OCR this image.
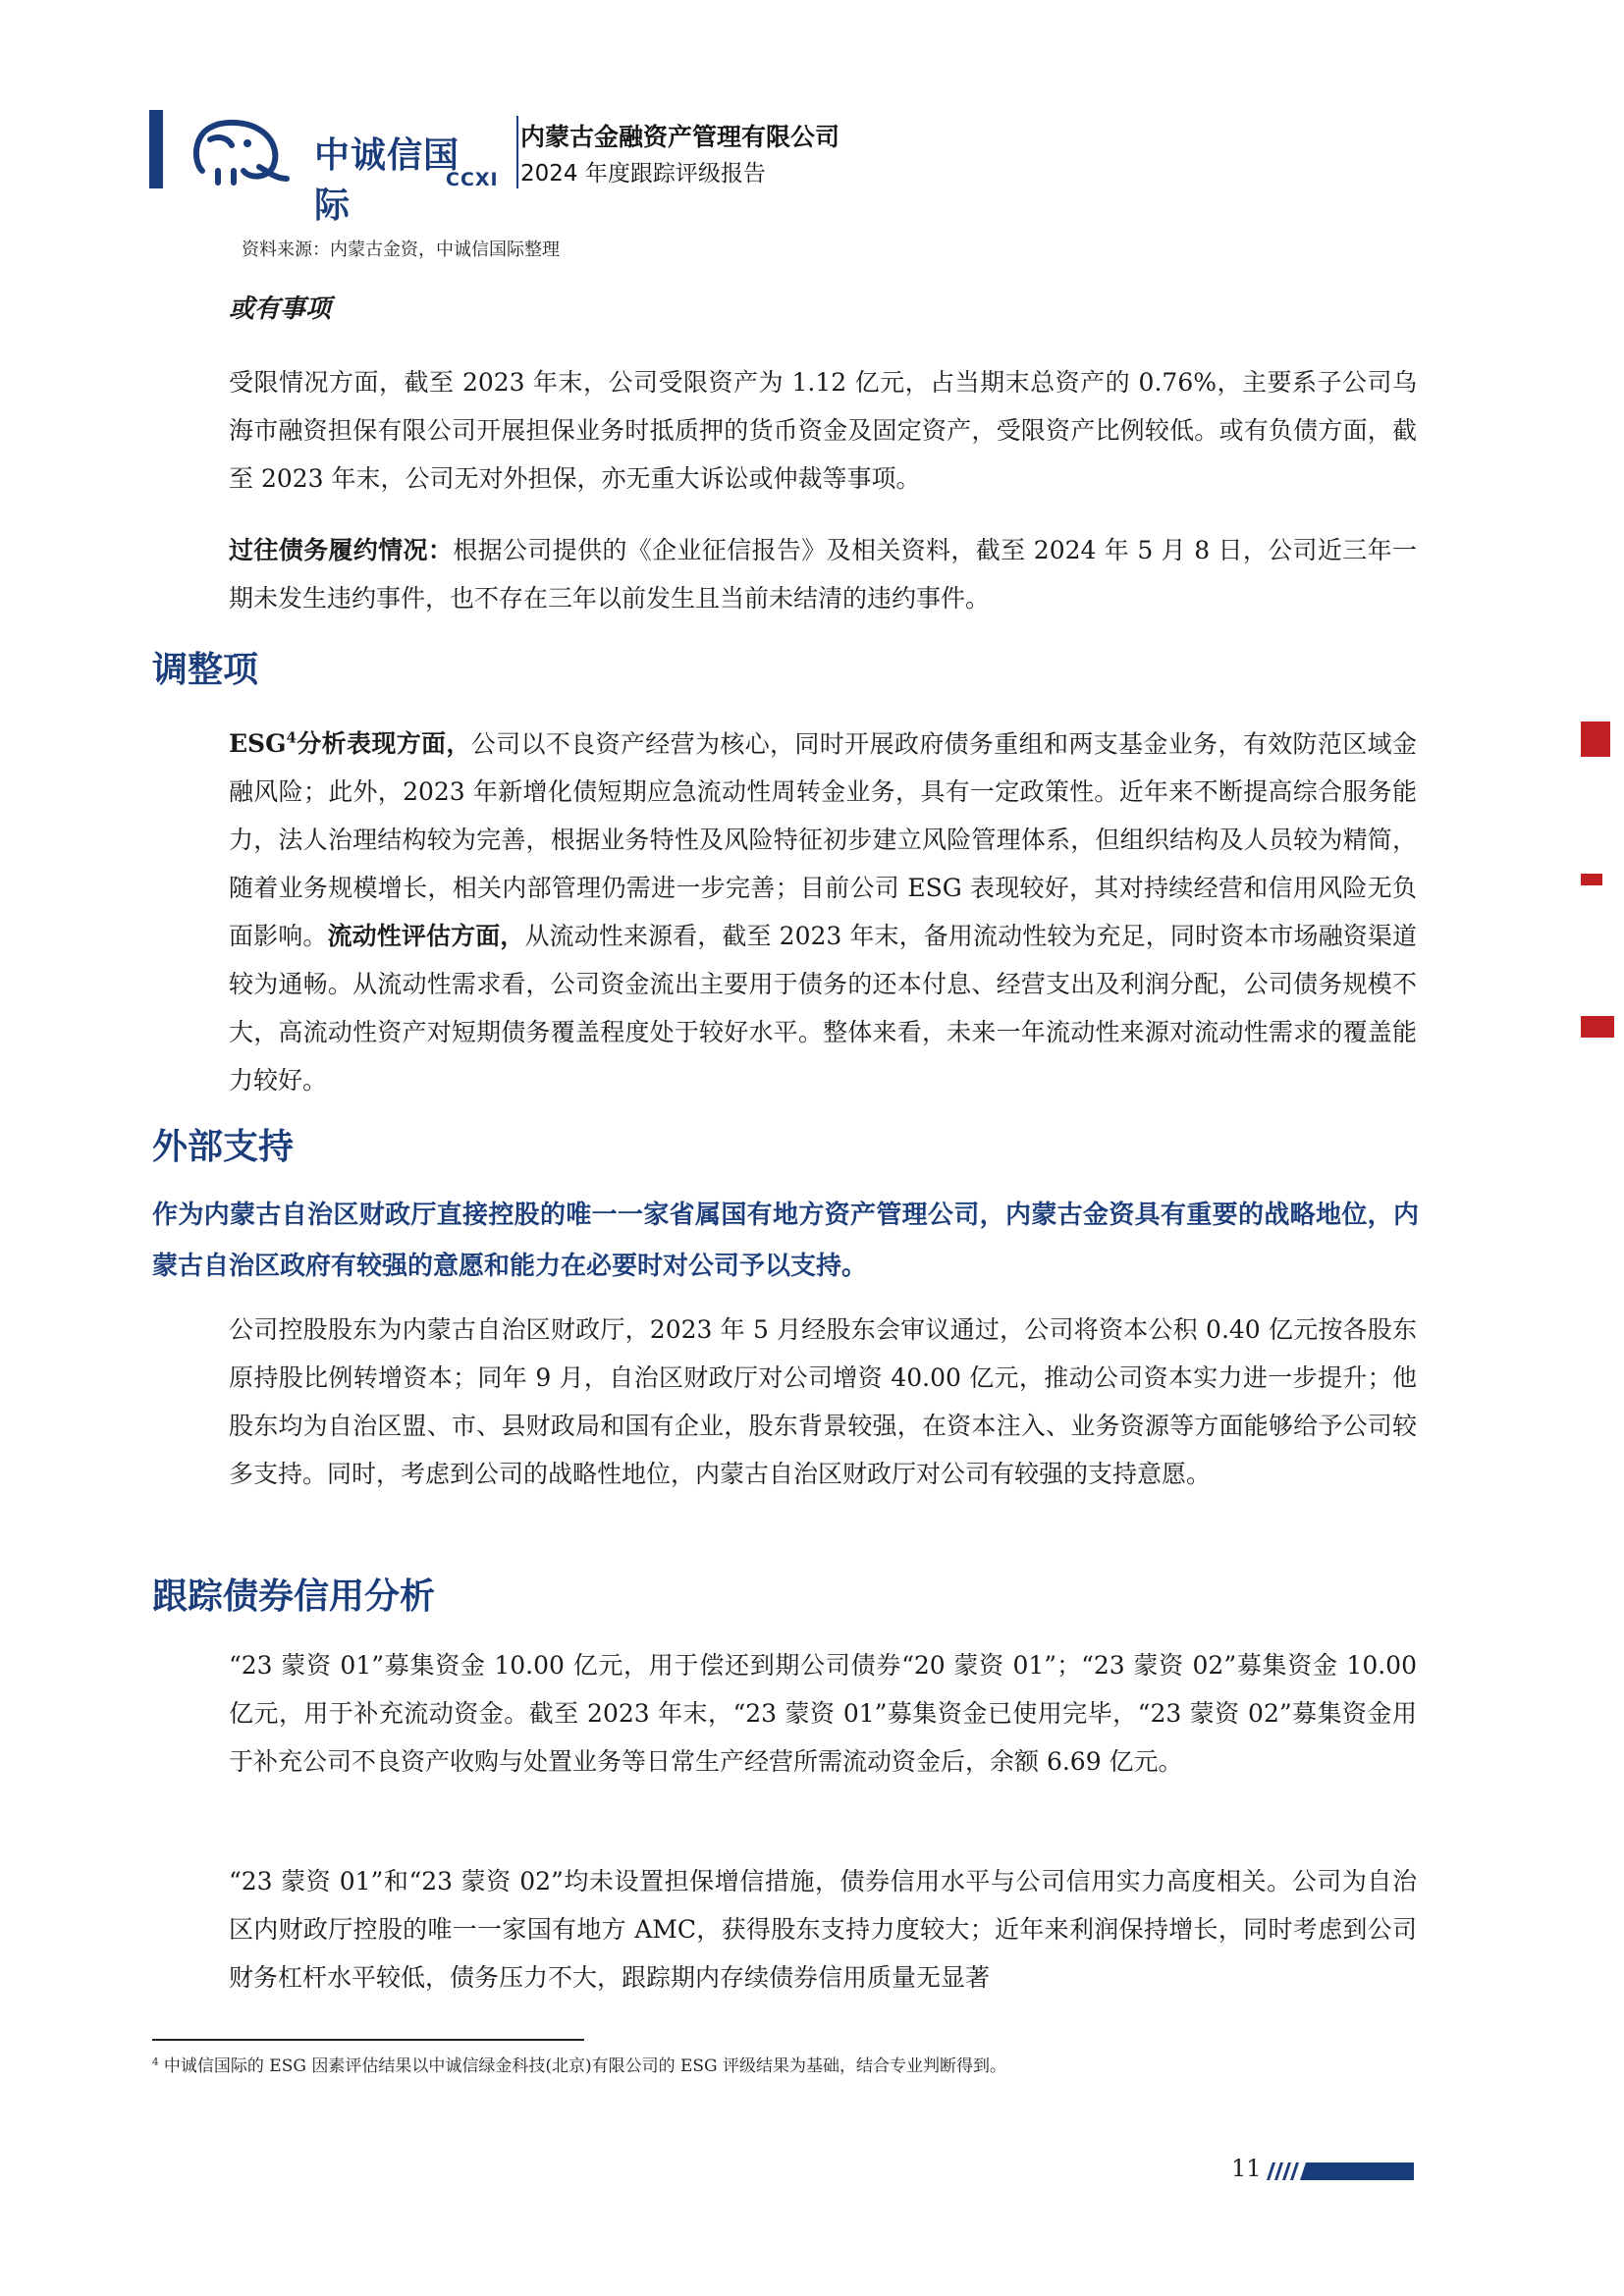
中诚信国际
CCXI
内蒙古金融资产管理有限公司
2024 年度跟踪评级报告
资料来源：内蒙古金资，中诚信国际整理
或有事项

受限情况方面，截至 2023 年末，公司受限资产为 1.12 亿元，占当期末总资产的 0.76%，主要系子公司乌海市融资担保有限公司开展担保业务时抵质押的货币资金及固定资产，受限资产比例较低。或有负债方面，截至 2023 年末，公司无对外担保，亦无重大诉讼或仲裁等事项。

过往债务履约情况：根据公司提供的《企业征信报告》及相关资料，截至 2024 年 5 月 8 日，公司近三年一期未发生违约事件，也不存在三年以前发生且当前未结清的违约事件。

调整项

ESG$^4$分析表现方面，公司以不良资产经营为核心，同时开展政府债务重组和两支基金业务，有效防范区域金融风险；此外，2023 年新增化债短期应急流动性周转金业务，具有一定政策性。近年来不断提高综合服务能力，法人治理结构较为完善，根据业务特性及风险特征初步建立风险管理体系，但组织结构及人员较为精简，随着业务规模增长，相关内部管理仍需进一步完善；目前公司 ESG 表现较好，其对持续经营和信用风险无负面影响。流动性评估方面，从流动性来源看，截至 2023 年末，备用流动性较为充足，同时资本市场融资渠道较为通畅。从流动性需求看，公司资金流出主要用于债务的还本付息、经营支出及利润分配，公司债务规模不大，高流动性资产对短期债务覆盖程度处于较好水平。整体来看，未来一年流动性来源对流动性需求的覆盖能力较好。

外部支持
作为内蒙古自治区财政厅直接控股的唯一一家省属国有地方资产管理公司，内蒙古金资具有重要的战略地位，内蒙古自治区政府有较强的意愿和能力在必要时对公司予以支持。

公司控股股东为内蒙古自治区财政厅，2023 年 5 月经股东会审议通过，公司将资本公积 0.40 亿元按各股东原持股比例转增资本；同年 9 月，自治区财政厅对公司增资 40.00 亿元，推动公司资本实力进一步提升；他股东均为自治区盟、市、县财政局和国有企业，股东背景较强，在资本注入、业务资源等方面能够给予公司较多支持。同时，考虑到公司的战略性地位，内蒙古自治区财政厅对公司有较强的支持意愿。

跟踪债券信用分析

“23 蒙资 01”募集资金 10.00 亿元，用于偿还到期公司债券“20 蒙资 01”；“23 蒙资 02”募集资金 10.00 亿元，用于补充流动资金。截至 2023 年末，“23 蒙资 01”募集资金已使用完毕，“23 蒙资 02”募集资金用于补充公司不良资产收购与处置业务等日常生产经营所需流动资金后，余额 6.69 亿元。

“23 蒙资 01”和“23 蒙资 02”均未设置担保增信措施，债券信用水平与公司信用实力高度相关。公司为自治区内财政厅控股的唯一一家国有地方 AMC，获得股东支持力度较大；近年来利润保持增长，同时考虑到公司财务杠杆水平较低，债务压力不大，跟踪期内存续债券信用质量无显著

$^4$ 中诚信国际的 ESG 因素评估结果以中诚信绿金科技(北京)有限公司的 ESG 评级结果为基础，结合专业判断得到。
11
